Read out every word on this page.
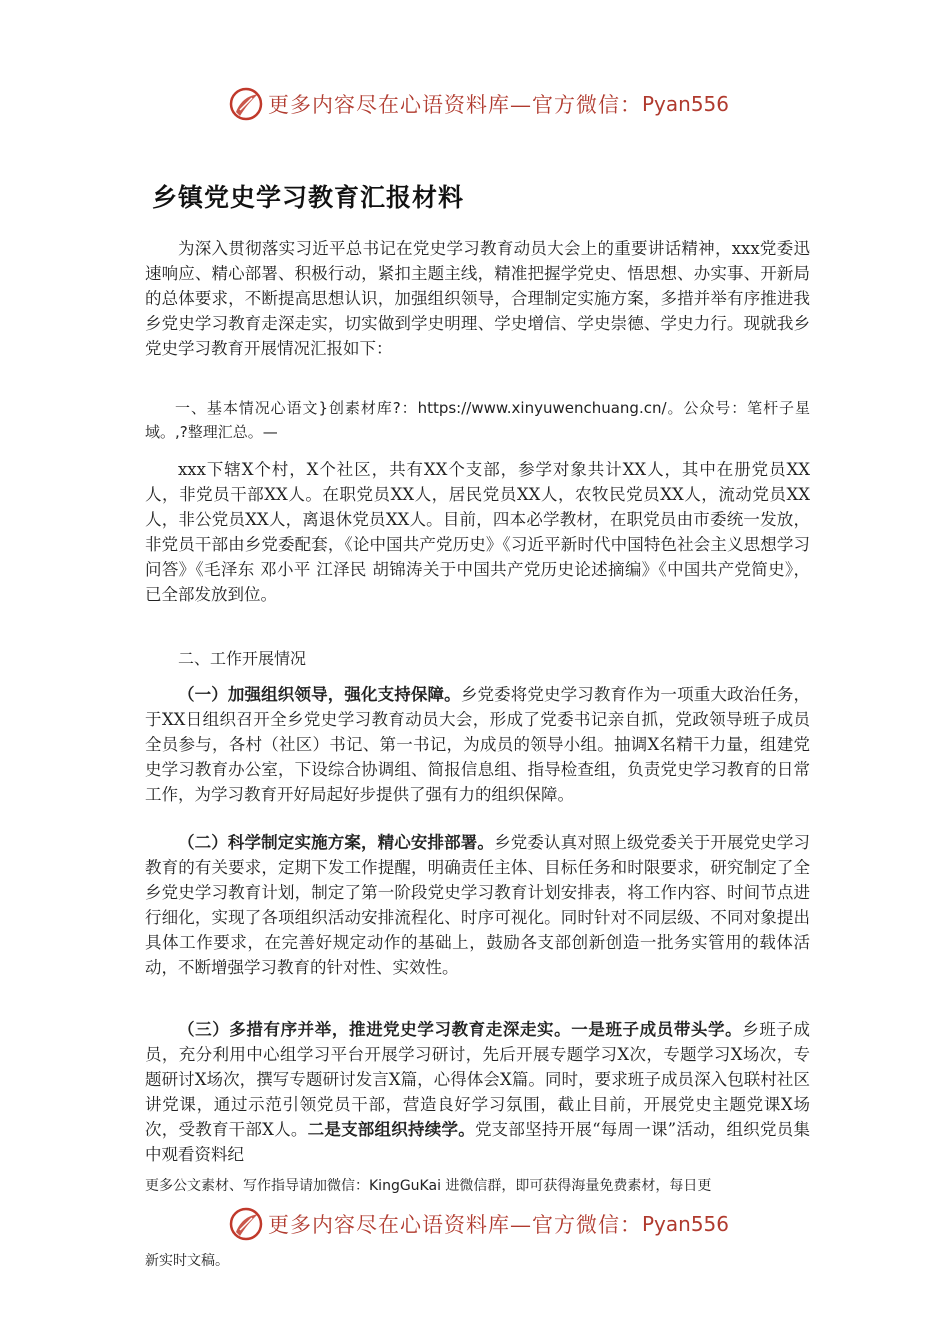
更多内容尽在心语资料库—官方微信： Pyan556
乡镇党史学习教育汇报材料

为深入贯彻落实习近平总书记在党史学习教育动员大会上的重要讲话精神，xxx党委迅速响应、精心部署、积极行动，紧扣主题主线，精准把握学党史、悟思想、办实事、开新局的总体要求，不断提高思想认识，加强组织领导，合理制定实施方案，多措并举有序推进我乡党史学习教育走深走实，切实做到学史明理、学史增信、学史崇德、学史力行。现就我乡党史学习教育开展情况汇报如下：

一、基本情况心语文}创素材库?：https://www.xinyuwenchuang.cn/。公众号：笔杆子星域。,?整理汇总。—

xxx下辖X个村，X个社区，共有XX个支部，参学对象共计XX人，其中在册党员XX人，非党员干部XX人。在职党员XX人，居民党员XX人，农牧民党员XX人，流动党员XX人，非公党员XX人，离退休党员XX人。目前，四本必学教材，在职党员由市委统一发放，非党员干部由乡党委配套，《论中国共产党历史》《习近平新时代中国特色社会主义思想学习问答》《毛泽东 邓小平 江泽民 胡锦涛关于中国共产党历史论述摘编》《中国共产党简史》，已全部发放到位。

二、工作开展情况

（一）加强组织领导，强化支持保障。乡党委将党史学习教育作为一项重大政治任务，于XX日组织召开全乡党史学习教育动员大会，形成了党委书记亲自抓，党政领导班子成员全员参与，各村（社区）书记、第一书记，为成员的领导小组。抽调X名精干力量，组建党史学习教育办公室，下设综合协调组、简报信息组、指导检查组，负责党史学习教育的日常工作，为学习教育开好局起好步提供了强有力的组织保障。

（二）科学制定实施方案，精心安排部署。乡党委认真对照上级党委关于开展党史学习教育的有关要求，定期下发工作提醒，明确责任主体、目标任务和时限要求，研究制定了全乡党史学习教育计划，制定了第一阶段党史学习教育计划安排表，将工作内容、时间节点进行细化，实现了各项组织活动安排流程化、时序可视化。同时针对不同层级、不同对象提出具体工作要求，在完善好规定动作的基础上，鼓励各支部创新创造一批务实管用的载体活动，不断增强学习教育的针对性、实效性。

（三）多措有序并举，推进党史学习教育走深走实。一是班子成员带头学。乡班子成员，充分利用中心组学习平台开展学习研讨，先后开展专题学习X次，专题学习X场次，专题研讨X场次，撰写专题研讨发言X篇，心得体会X篇。同时，要求班子成员深入包联村社区讲党课，通过示范引领党员干部，营造良好学习氛围，截止目前，开展党史主题党课X场次，受教育干部X人。二是支部组织持续学。党支部坚持开展“每周一课”活动，组织党员集中观看资料纪

更多公文素材、写作指导请加微信：KingGuKai 进微信群，即可获得海量免费素材，每日更

更多内容尽在心语资料库—官方微信： Pyan556

新实时文稿。
